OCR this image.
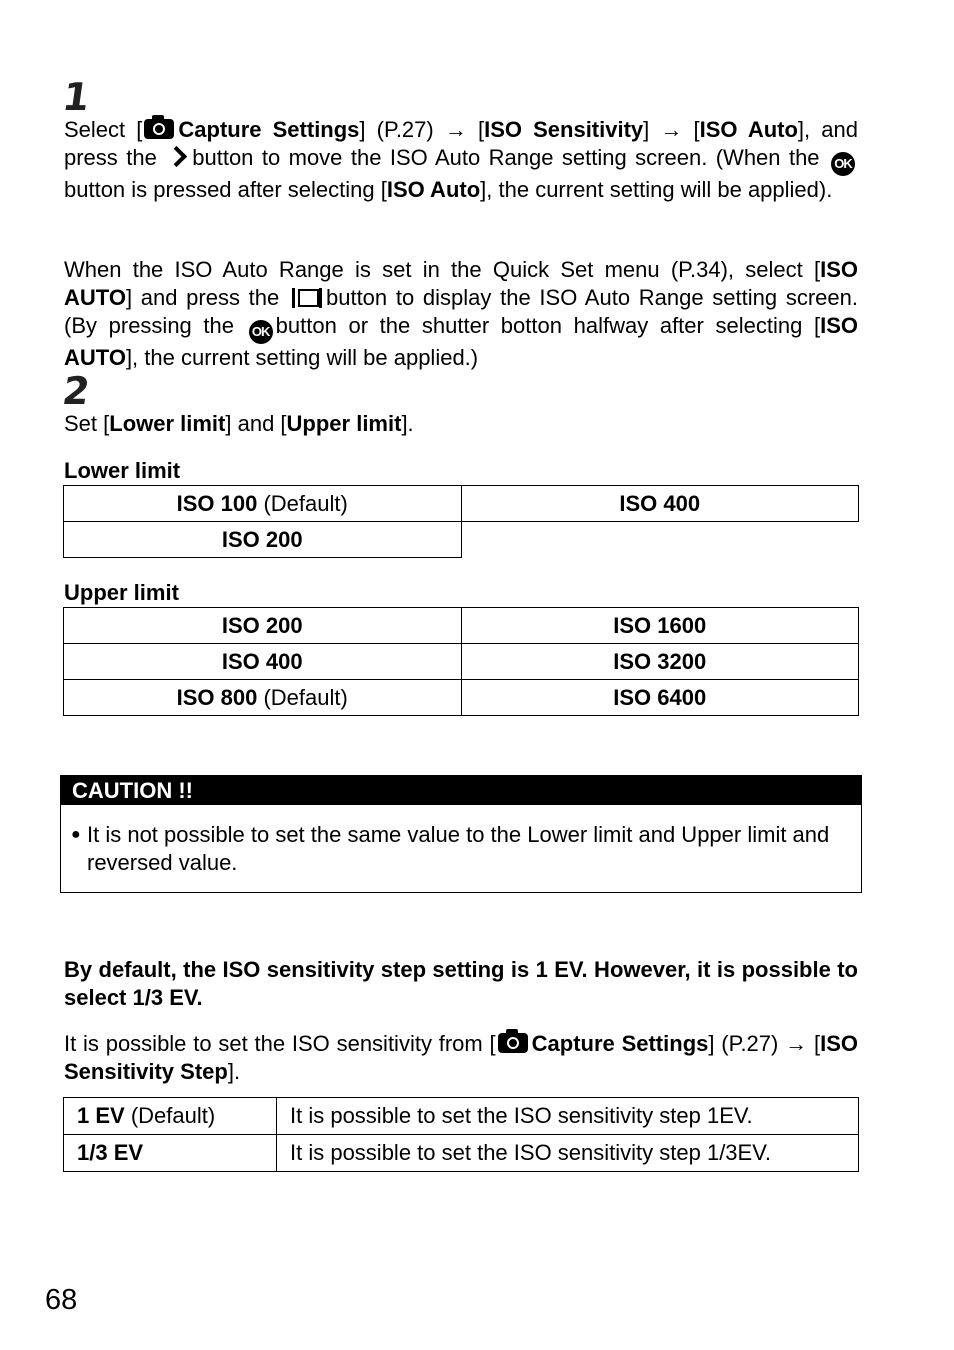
1

Select [ Capture Settings] (P.27) → [ISO Sensitivity] → [ISO Auto], and press the button to move the ISO Auto Range setting screen. (When the OKbutton is pressed after selecting [ISO Auto], the current setting will be applied).

When the ISO Auto Range is set in the Quick Set menu (P.34), select [ISO AUTO] and press the button to display the ISO Auto Range setting screen. (By pressing the OK button or the shutter botton halfway after selecting [ISO AUTO], the current setting will be applied.)

2

Set [Lower limit] and [Upper limit].

Lower limit

ISO 100 (Default)	ISO 400
ISO 200	

Upper limit

ISO 200	ISO 1600
ISO 400	ISO 3200
ISO 800 (Default)	ISO 6400
CAUTION !!
● It is not possible to set the same value to the Lower limit and Upper limit and reversed value.

By default, the ISO sensitivity step setting is 1 EV. However, it is possible to select 1/3 EV.

It is possible to set the ISO sensitivity from [ Capture Settings] (P.27) → [ISO Sensitivity Step].

1 EV (Default)	It is possible to set the ISO sensitivity step 1EV.
1/3 EV	It is possible to set the ISO sensitivity step 1/3EV.
68
